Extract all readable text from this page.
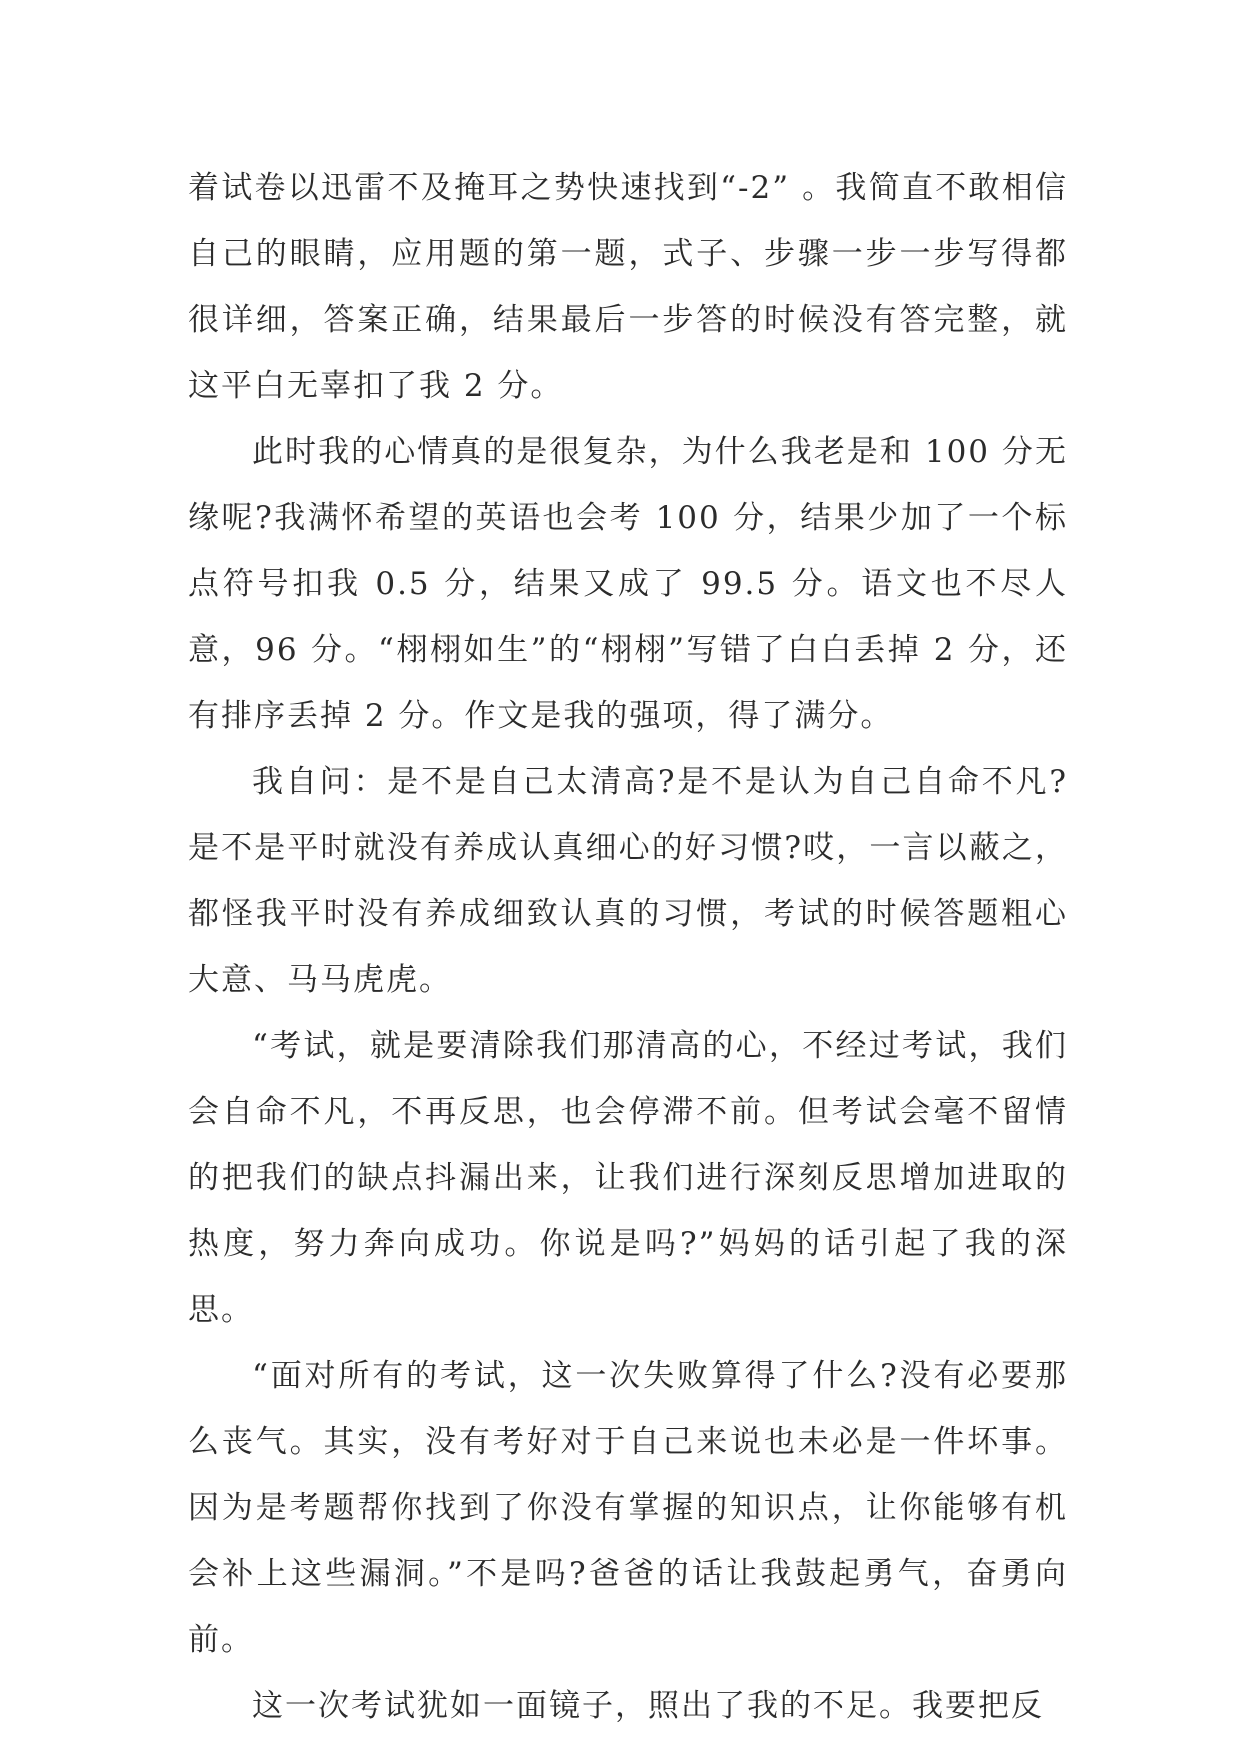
着试卷以迅雷不及掩耳之势快速找到“-2” 。我简直不敢相信自己的眼睛，应用题的第一题，式子、步骤一步一步写得都很详细，答案正确，结果最后一步答的时候没有答完整，就这平白无辜扣了我 2 分。

此时我的心情真的是很复杂，为什么我老是和 100 分无缘呢?我满怀希望的英语也会考 100 分，结果少加了一个标点符号扣我 0.5 分，结果又成了 99.5 分。语文也不尽人意，96 分。“栩栩如生”的“栩栩”写错了白白丢掉 2 分，还有排序丢掉 2 分。作文是我的强项，得了满分。

我自问：是不是自己太清高?是不是认为自己自命不凡?是不是平时就没有养成认真细心的好习惯?哎，一言以蔽之，都怪我平时没有养成细致认真的习惯，考试的时候答题粗心大意、马马虎虎。

“考试，就是要清除我们那清高的心，不经过考试，我们会自命不凡，不再反思，也会停滞不前。但考试会毫不留情的把我们的缺点抖漏出来，让我们进行深刻反思增加进取的热度，努力奔向成功。你说是吗?”妈妈的话引起了我的深思。

“面对所有的考试，这一次失败算得了什么?没有必要那么丧气。其实，没有考好对于自己来说也未必是一件坏事。因为是考题帮你找到了你没有掌握的知识点，让你能够有机会补上这些漏洞。”不是吗?爸爸的话让我鼓起勇气，奋勇向前。

这一次考试犹如一面镜子，照出了我的不足。我要把反
